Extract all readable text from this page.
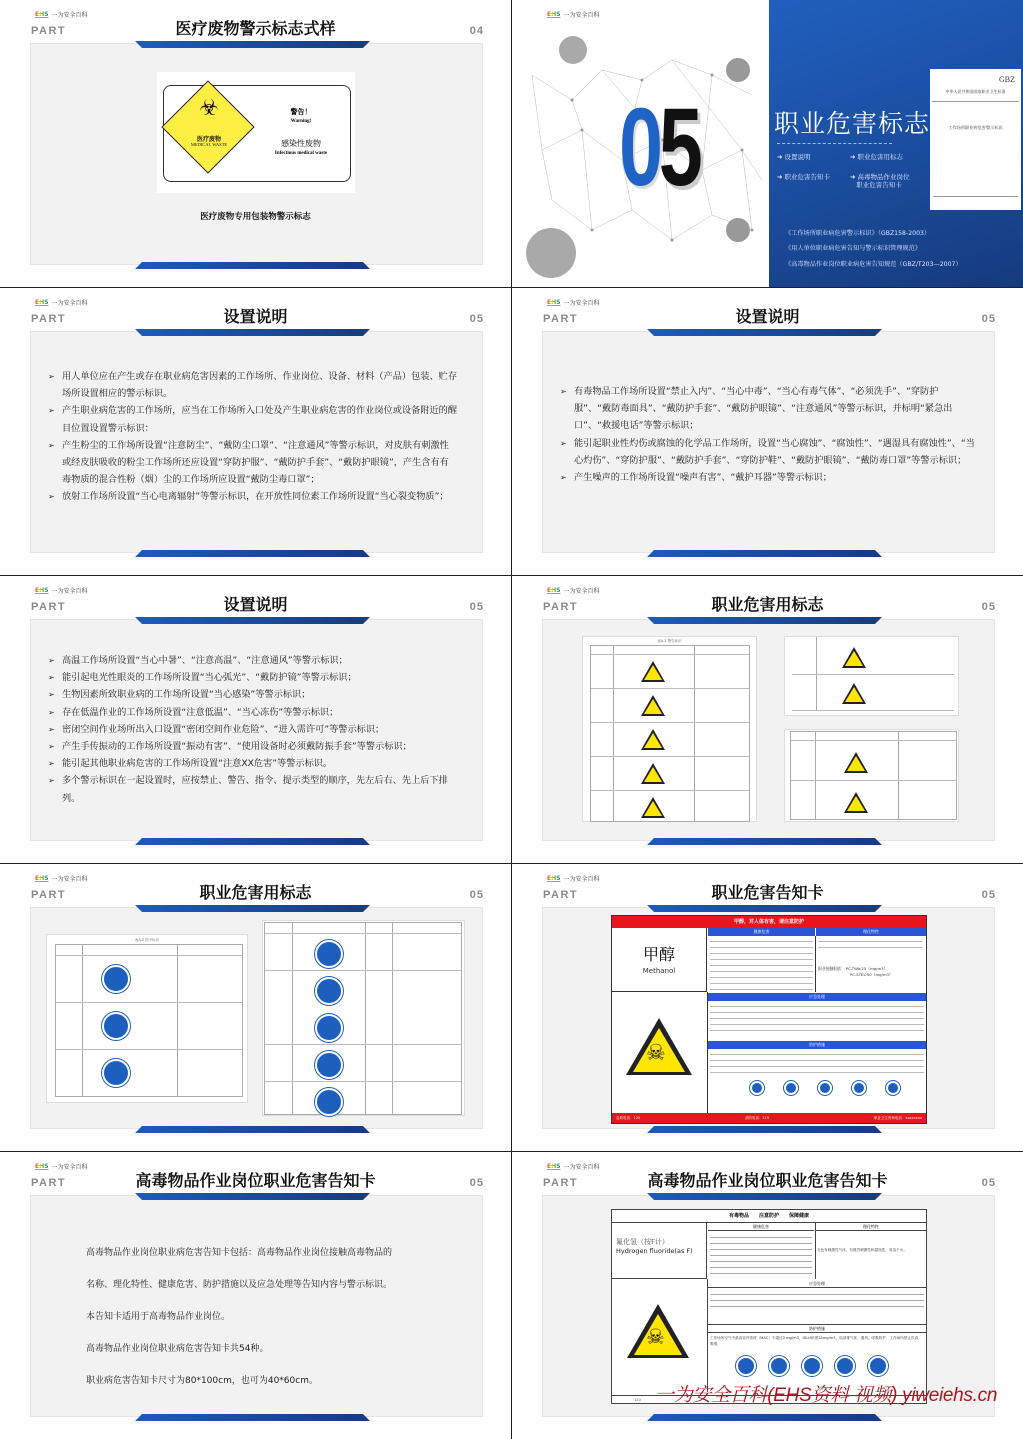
EHS 一为安全百科
PART	04
医疗废物警示标志式样
☣
医疗废物
MEDICAL WASTE
警告！
Warning!
感染性废物
Infectious medical waste
医疗废物专用包装物警示标志
EHS 一为安全百科
05	职业危害标志
➜ 设置说明	➜ 职业危害用标志
➜ 职业危害告知卡	➜ 高毒物品作业岗位
职业危害告知卡
GBZ
中华人民共和国国家职业卫生标准
工作场所职业病危害警示标识
《工作场所职业病危害警示标识》（GBZ158-2003）
《用人单位职业病危害告知与警示标识管理规范》
《高毒物品作业岗位职业病危害告知规范（GBZ/T203—2007）
EHS 一为安全百科
PART	05
设置说明
➢ 用人单位应在产生或存在职业病危害因素的工作场所、作业岗位、设备、材料（产品）包装、贮存场所设置相应的警示标识。
➢ 产生职业病危害的工作场所，应当在工作场所入口处及产生职业病危害的作业岗位或设备附近的醒目位置设置警示标识：
➢ 产生粉尘的工作场所设置“注意防尘”、“戴防尘口罩”、“注意通风”等警示标识，对皮肤有刺激性或经皮肤吸收的粉尘工作场所还应设置“穿防护服”、“戴防护手套”、“戴防护眼镜”，产生含有有毒物质的混合性粉（烟）尘的工作场所应设置“戴防尘毒口罩”；
➢ 放射工作场所设置“当心电离辐射”等警示标识，在开放性同位素工作场所设置“当心裂变物质”；
EHS 一为安全百科
PART	05
设置说明
➢ 有毒物品工作场所设置“禁止入内”、“当心中毒”、“当心有毒气体”、“必须洗手”、“穿防护服”、“戴防毒面具”、“戴防护手套”、“戴防护眼镜”、“注意通风”等警示标识，并标明“紧急出口”、“救援电话”等警示标识；
➢ 能引起职业性灼伤或腐蚀的化学品工作场所，设置“当心腐蚀”、“腐蚀性”、“遇湿具有腐蚀性”、“当心灼伤”、“穿防护服”、“戴防护手套”、“穿防护鞋”、“戴防护眼镜”、“戴防毒口罩”等警示标识；
➢ 产生噪声的工作场所设置“噪声有害”、“戴护耳器”等警示标识；
EHS 一为安全百科
PART	05
设置说明
➢ 高温工作场所设置“当心中暑”、“注意高温”、“注意通风”等警示标识；
➢ 能引起电光性眼炎的工作场所设置“当心弧光”、“戴防护镜”等警示标识；
➢ 生物因素所致职业病的工作场所设置“当心感染”等警示标识；
➢ 存在低温作业的工作场所设置“注意低温”、“当心冻伤”等警示标识；
➢ 密闭空间作业场所出入口设置“密闭空间作业危险”、“进入需许可”等警示标识；
➢ 产生手传振动的工作场所设置“振动有害”、“使用设备时必须戴防振手套”等警示标识；
➢ 能引起其他职业病危害的工作场所设置“注意XX危害”等警示标识。
➢ 多个警示标识在一起设置时，应按禁止、警告、指令、提示类型的顺序，先左后右、先上后下排列。
EHS 一为安全百科
PART	05
职业危害用标志
表A.2 警告标识
EHS 一为安全百科
PART	05
职业危害用标志
表A.3 指令标识
EHS 一为安全百科
PART	05
职业危害告知卡
甲醇，对人体有害，请注意防护
甲醇
Methanol
健康危害	理化特性
职业接触限值： PC-TWA:25（mg/m3）
PC-STEL:50（mg/m3）
应急处理
防护措施
☠
急救电话：120	消防电话：119	职业卫生咨询电话：xxxxxxxx
EHS 一为安全百科
PART	05
高毒物品作业岗位职业危害告知卡
高毒物品作业岗位职业病危害告知卡包括：高毒物品作业岗位接触高毒物品的
名称、理化特性、健康危害、防护措施以及应急处理等告知内容与警示标识。
本告知卡适用于高毒物品作业岗位。
高毒物品作业岗位职业病危害告知卡共54种。
职业病危害告知卡尺寸为80*100cm，也可为40*60cm。
EHS 一为安全百科
PART	05
高毒物品作业岗位职业危害告知卡
有毒物品　　注意防护　　保障健康
氟化氢（按F计）
Hydrogen fluoride(as F)
健康危害	理化特性
无色有刺激性气体，有强烈刺激性和腐蚀性，易溶于水。
应急处理
防护措施
工作场所空气中最高容许浓度（MAC）不超过2 mg/m3，IDLH浓度25mg/m3，局部排气体，通风，呼吸防护，工作场所禁止饮食，吸烟。
☠
120 一为安全百科(EHS资料 视频) yiweiehs.cn
